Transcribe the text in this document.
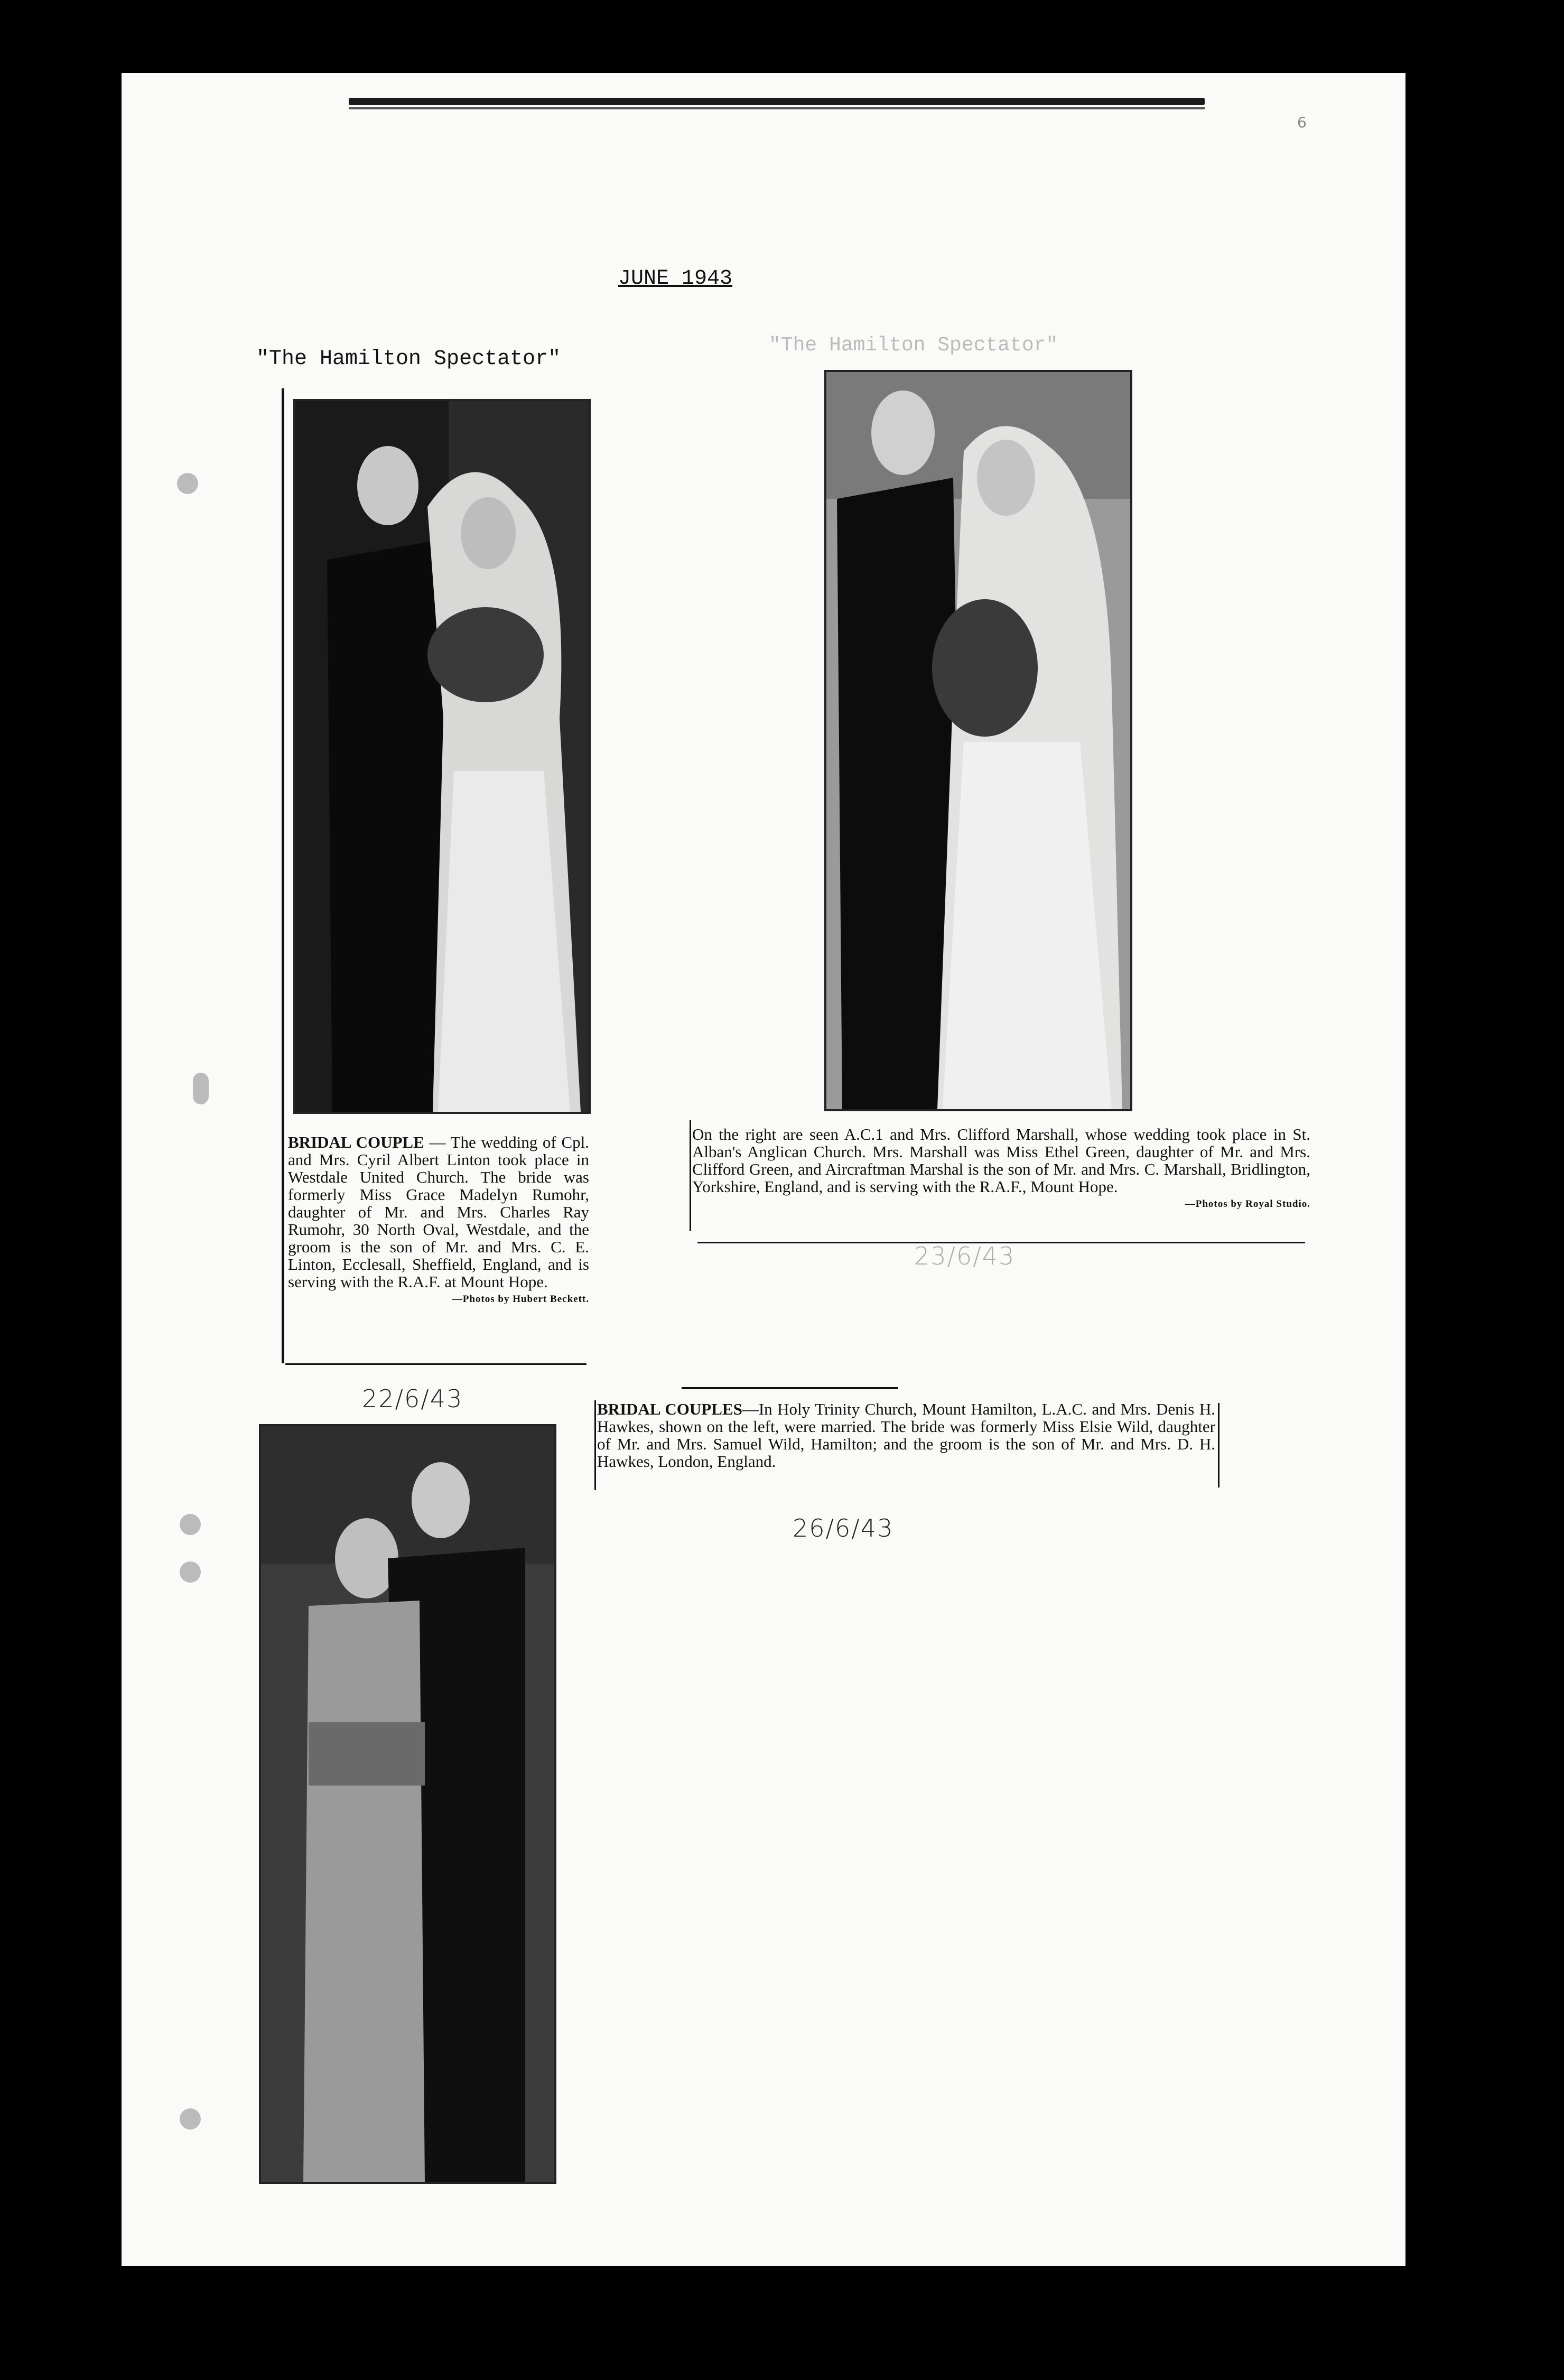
6
JUNE 1943
"The Hamilton Spectator"
"The Hamilton Spectator"
BRIDAL COUPLE — The wedding of Cpl. and Mrs. Cyril Albert Linton took place in Westdale United Church. The bride was formerly Miss Grace Madelyn Rumohr, daughter of Mr. and Mrs. Charles Ray Rumohr, 30 North Oval, Westdale, and the groom is the son of Mr. and Mrs. C. E. Linton, Ecclesall, Sheffield, England, and is serving with the R.A.F. at Mount Hope.
—Photos by Hubert Beckett.
22/6/43
On the right are seen A.C.1 and Mrs. Clifford Marshall, whose wedding took place in St. Alban's Anglican Church. Mrs. Marshall was Miss Ethel Green, daughter of Mr. and Mrs. Clifford Green, and Aircraftman Marshal is the son of Mr. and Mrs. C. Marshall, Bridlington, Yorkshire, England, and is serving with the R.A.F., Mount Hope.
—Photos by Royal Studio.
23/6/43
BRIDAL COUPLES—In Holy Trinity Church, Mount Hamilton, L.A.C. and Mrs. Denis H. Hawkes, shown on the left, were married. The bride was formerly Miss Elsie Wild, daughter of Mr. and Mrs. Samuel Wild, Hamilton; and the groom is the son of Mr. and Mrs. D. H. Hawkes, London, England.
26/6/43
